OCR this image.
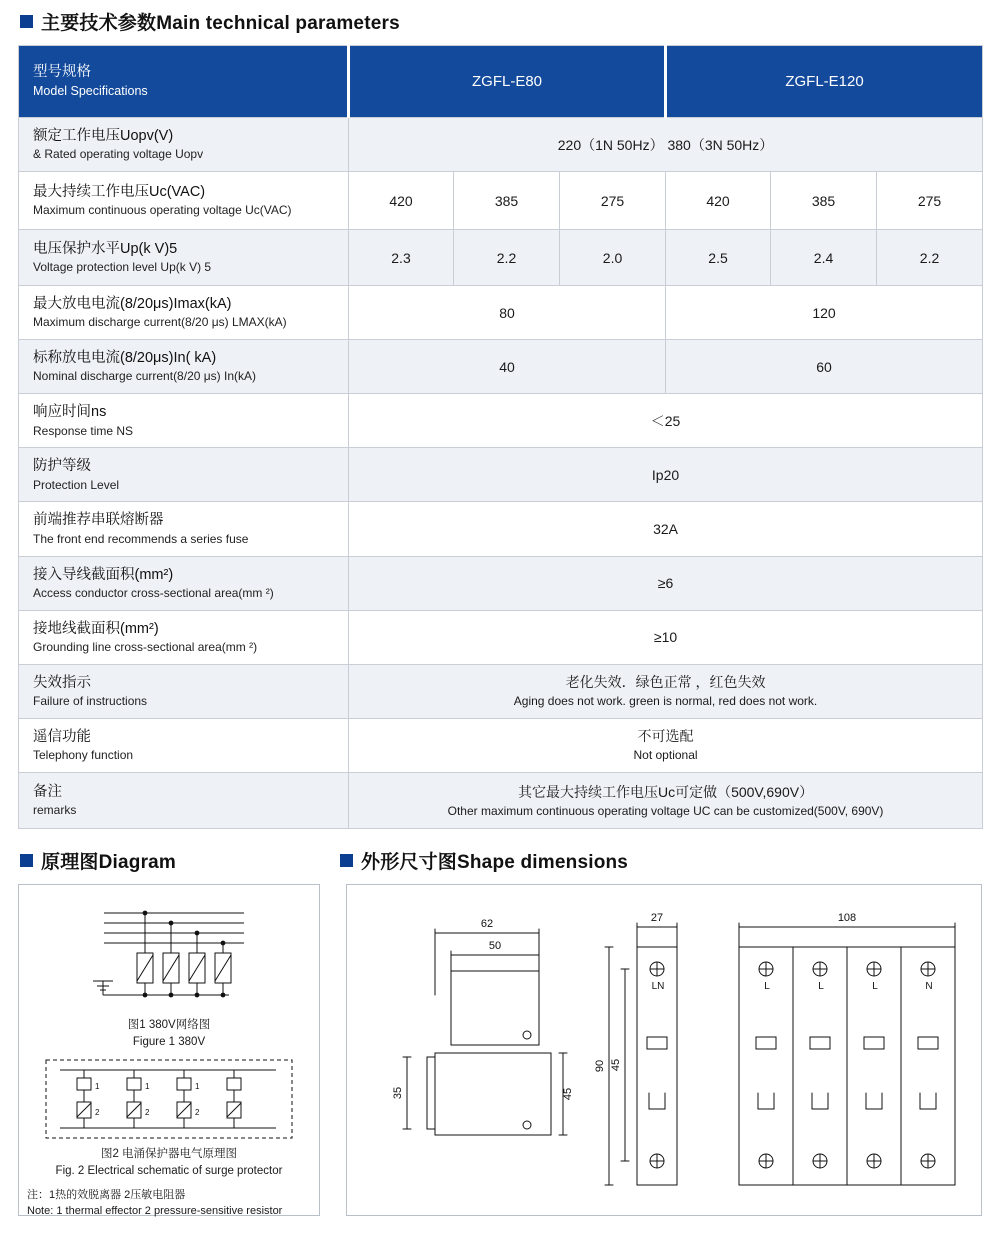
主要技术参数Main technical parameters
型号规格
Model Specifications	ZGFL-E80			ZGFL-E120		

额定工作电压Uopv(V)
& Rated operating voltage Uopv	220（1N 50Hz） 380（3N 50Hz）					

最大持续工作电压Uc(VAC)
Maximum continuous operating voltage Uc(VAC)	420	385	275	420	385	275

电压保护水平Up(k V)5
Voltage protection level Up(k V) 5	2.3	2.2	2.0	2.5	2.4	2.2

最大放电电流(8/20μs)Imax(kA)
Maximum discharge current(8/20 μs) LMAX(kA)	80			120		

标称放电电流(8/20μs)In( kA)
Nominal discharge current(8/20 μs) In(kA)	40			60		

响应时间ns
Response time NS	＜25					

防护等级
Protection Level	Ip20					

前端推荐串联熔断器
The front end recommends a series fuse	32A					

接入导线截面积(mm²)
Access conductor cross-sectional area(mm ²)	≥6					

接地线截面积(mm²)
Grounding line cross-sectional area(mm ²)	≥10					

失效指示
Failure of instructions	老化失效．绿色正常 ，红色失效
Aging does not work. green is normal, red does not work.					

遥信功能
Telephony function	不可选配
Not optional					

备注
remarks	其它最大持续工作电压Uc可定做（500V,690V）
Other maximum continuous operating voltage UC can be customized(500V, 690V)					
原理图Diagram	外形尺寸图Shape dimensions
图1 380V网络图
Figure 1 380V
1	1	1
2	2	2
图2 电涌保护器电气原理图
Fig. 2 Electrical schematic of surge protector
注：1热的效脱离器 2压敏电阻器
Note: 1 thermal effector 2 pressure-sensitive resistor
62
50
27	108
35	45
90 45
LN	L	L	L	N
